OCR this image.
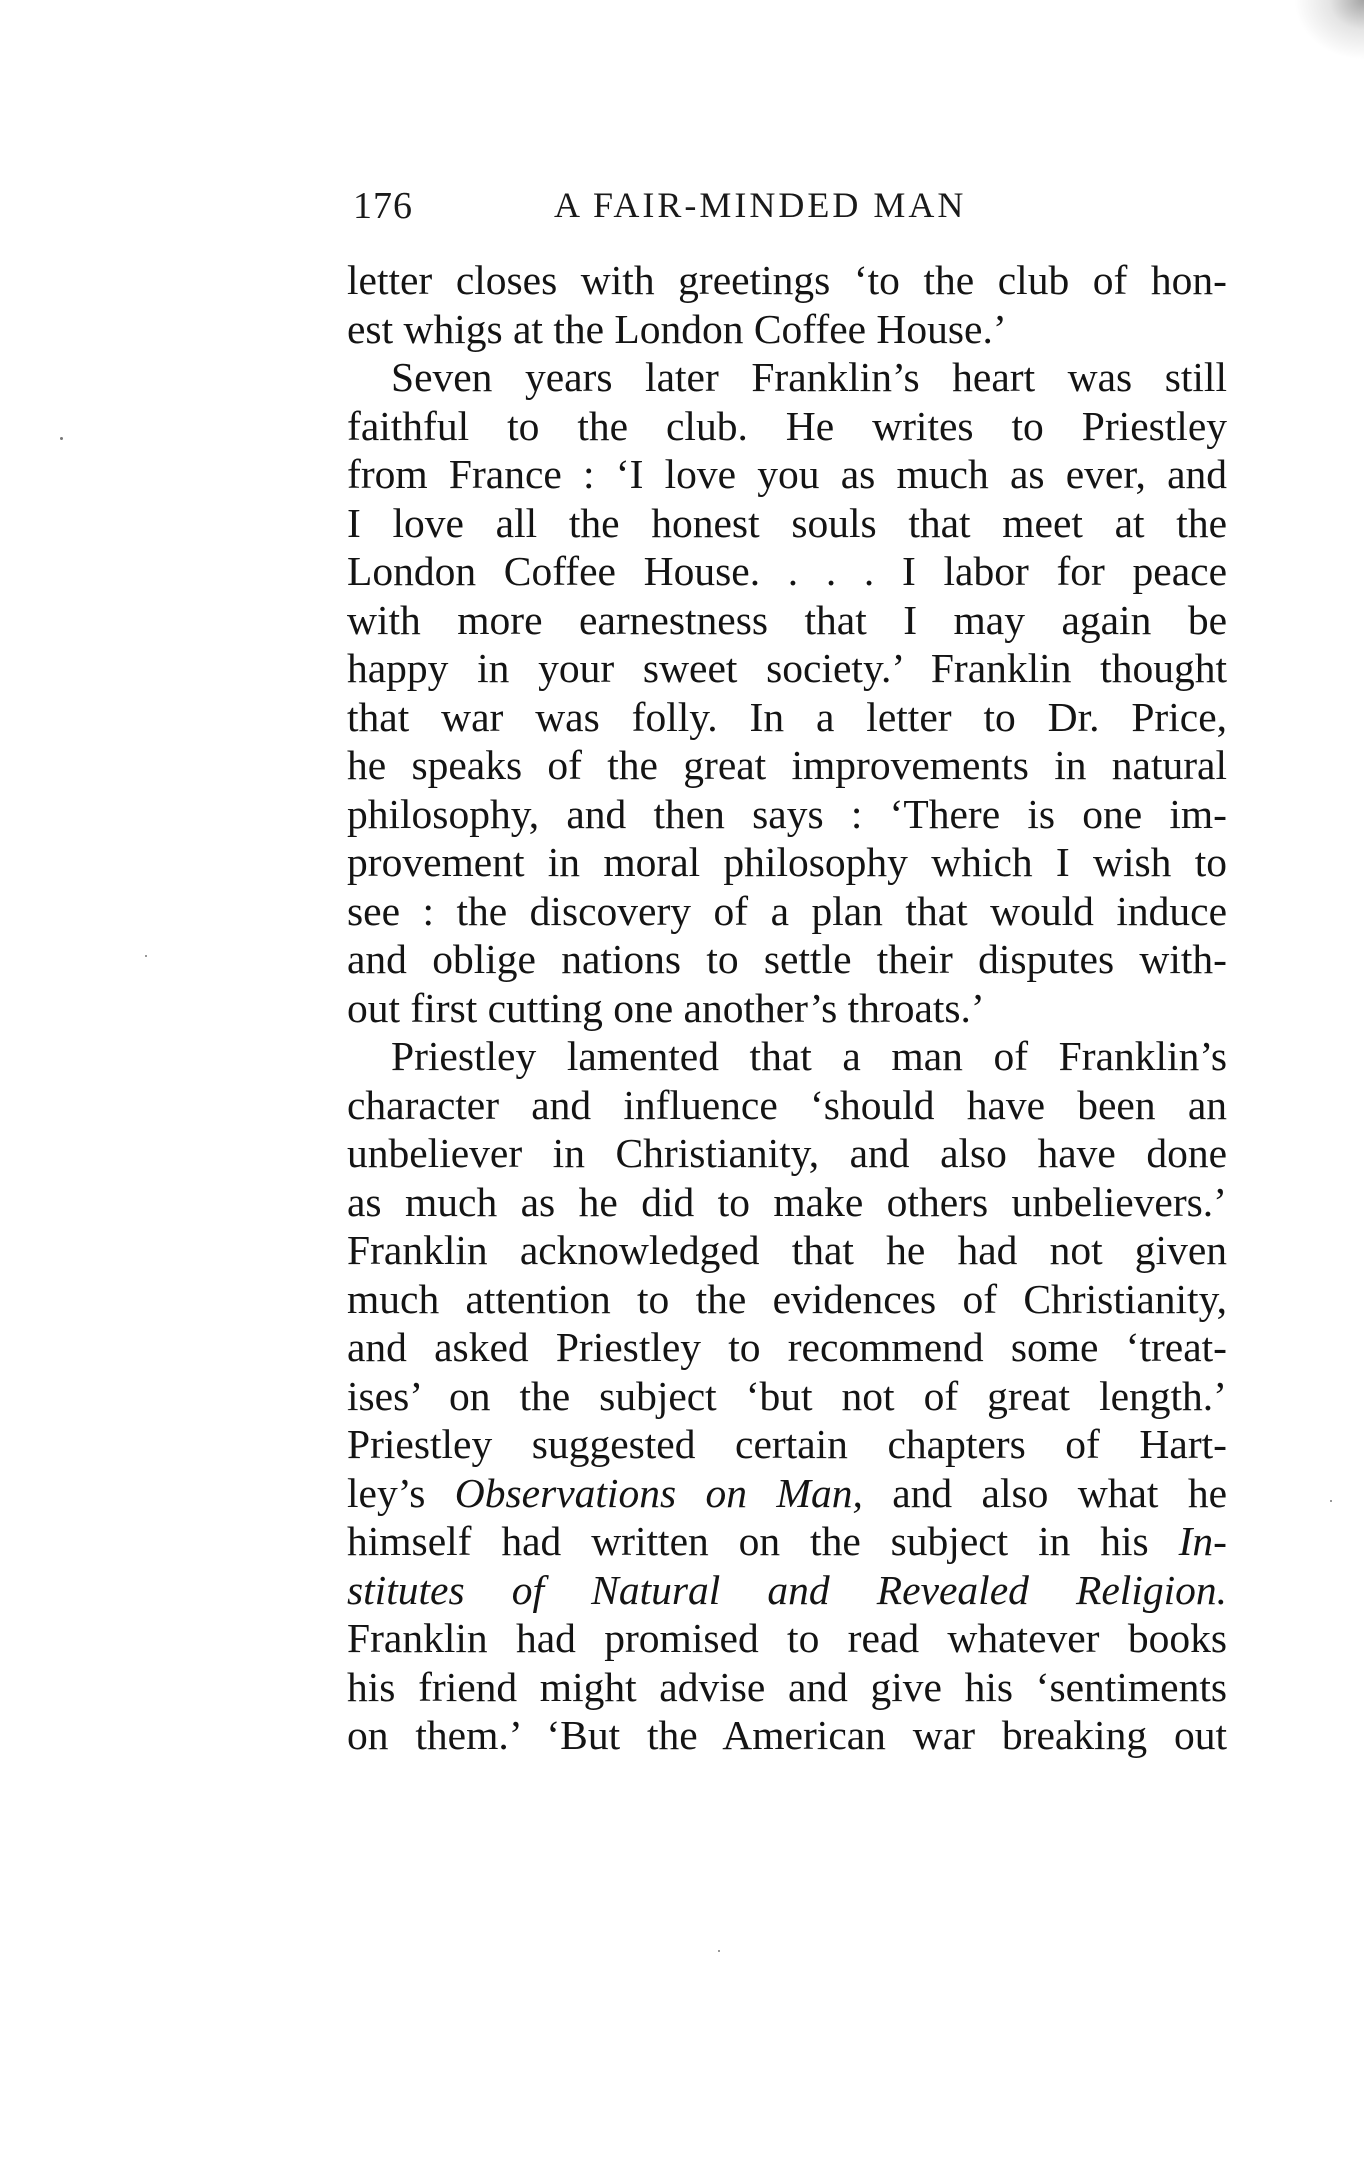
176	A FAIR-MINDED MAN
letter closes with greetings ‘to the club of hon-
est whigs at the London Coffee House.’
Seven years later Franklin’s heart was still
faithful to the club. He writes to Priestley
from France : ‘I love you as much as ever, and
I love all the honest souls that meet at the
London Coffee House. . . . I labor for peace
with more earnestness that I may again be
happy in your sweet society.’ Franklin thought
that war was folly. In a letter to Dr. Price,
he speaks of the great improvements in natural
philosophy, and then says : ‘There is one im-
provement in moral philosophy which I wish to
see : the discovery of a plan that would induce
and oblige nations to settle their disputes with-
out first cutting one another’s throats.’
Priestley lamented that a man of Franklin’s
character and influence ‘should have been an
unbeliever in Christianity, and also have done
as much as he did to make others unbelievers.’
Franklin acknowledged that he had not given
much attention to the evidences of Christianity,
and asked Priestley to recommend some ‘treat-
ises’ on the subject ‘but not of great length.’
Priestley suggested certain chapters of Hart-
ley’s Observations on Man, and also what he
himself had written on the subject in his In-
stitutes of Natural and Revealed Religion.
Franklin had promised to read whatever books
his friend might advise and give his ‘sentiments
on them.’ ‘But the American war breaking out
